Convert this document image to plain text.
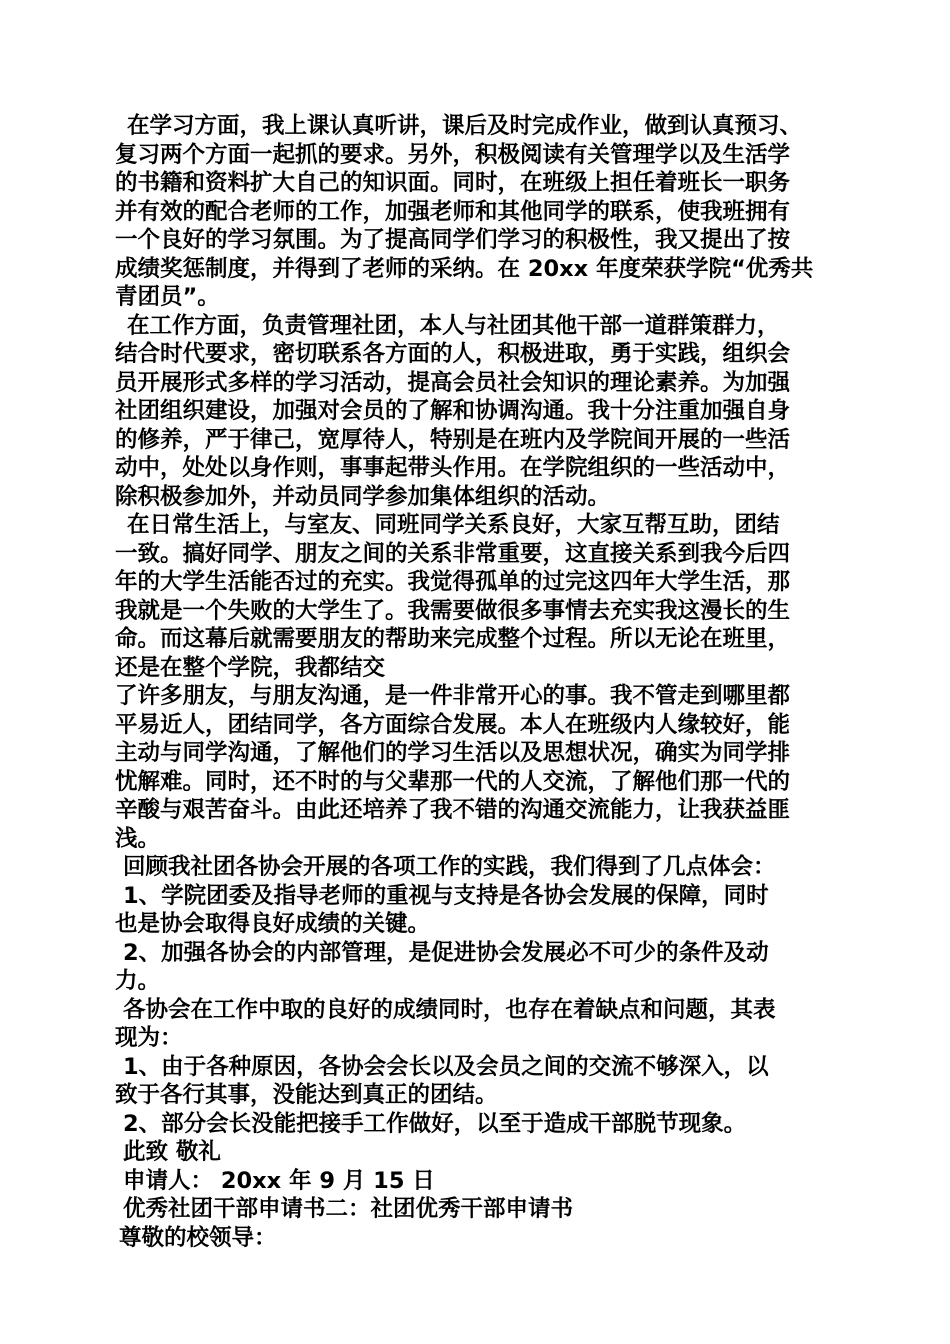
在学习方面，我上课认真听讲，课后及时完成作业，做到认真预习、
复习两个方面一起抓的要求。另外，积极阅读有关管理学以及生活学
的书籍和资料扩大自己的知识面。同时，在班级上担任着班长一职务
并有效的配合老师的工作，加强老师和其他同学的联系，使我班拥有
一个良好的学习氛围。为了提高同学们学习的积极性，我又提出了按
成绩奖惩制度，并得到了老师的采纳。在 20xx 年度荣获学院“优秀共
青团员”。
在工作方面，负责管理社团，本人与社团其他干部一道群策群力，
结合时代要求，密切联系各方面的人，积极进取，勇于实践，组织会
员开展形式多样的学习活动，提高会员社会知识的理论素养。为加强
社团组织建设，加强对会员的了解和协调沟通。我十分注重加强自身
的修养，严于律己，宽厚待人，特别是在班内及学院间开展的一些活
动中，处处以身作则，事事起带头作用。在学院组织的一些活动中，
除积极参加外，并动员同学参加集体组织的活动。
在日常生活上，与室友、同班同学关系良好，大家互帮互助，团结
一致。搞好同学、朋友之间的关系非常重要，这直接关系到我今后四
年的大学生活能否过的充实。我觉得孤单的过完这四年大学生活，那
我就是一个失败的大学生了。我需要做很多事情去充实我这漫长的生
命。而这幕后就需要朋友的帮助来完成整个过程。所以无论在班里，
还是在整个学院，我都结交
了许多朋友，与朋友沟通，是一件非常开心的事。我不管走到哪里都
平易近人，团结同学，各方面综合发展。本人在班级内人缘较好，能
主动与同学沟通，了解他们的学习生活以及思想状况，确实为同学排
忧解难。同时，还不时的与父辈那一代的人交流，了解他们那一代的
辛酸与艰苦奋斗。由此还培养了我不错的沟通交流能力，让我获益匪
浅。
回顾我社团各协会开展的各项工作的实践，我们得到了几点体会：
1、学院团委及指导老师的重视与支持是各协会发展的保障，同时
也是协会取得良好成绩的关键。
2、加强各协会的内部管理，是促进协会发展必不可少的条件及动
力。
各协会在工作中取的良好的成绩同时，也存在着缺点和问题，其表
现为：
1、由于各种原因，各协会会长以及会员之间的交流不够深入，以
致于各行其事，没能达到真正的团结。
2、部分会长没能把接手工作做好，以至于造成干部脱节现象。
此致 敬礼
申请人： 20xx 年 9 月 15 日
优秀社团干部申请书二：社团优秀干部申请书
尊敬的校领导：
